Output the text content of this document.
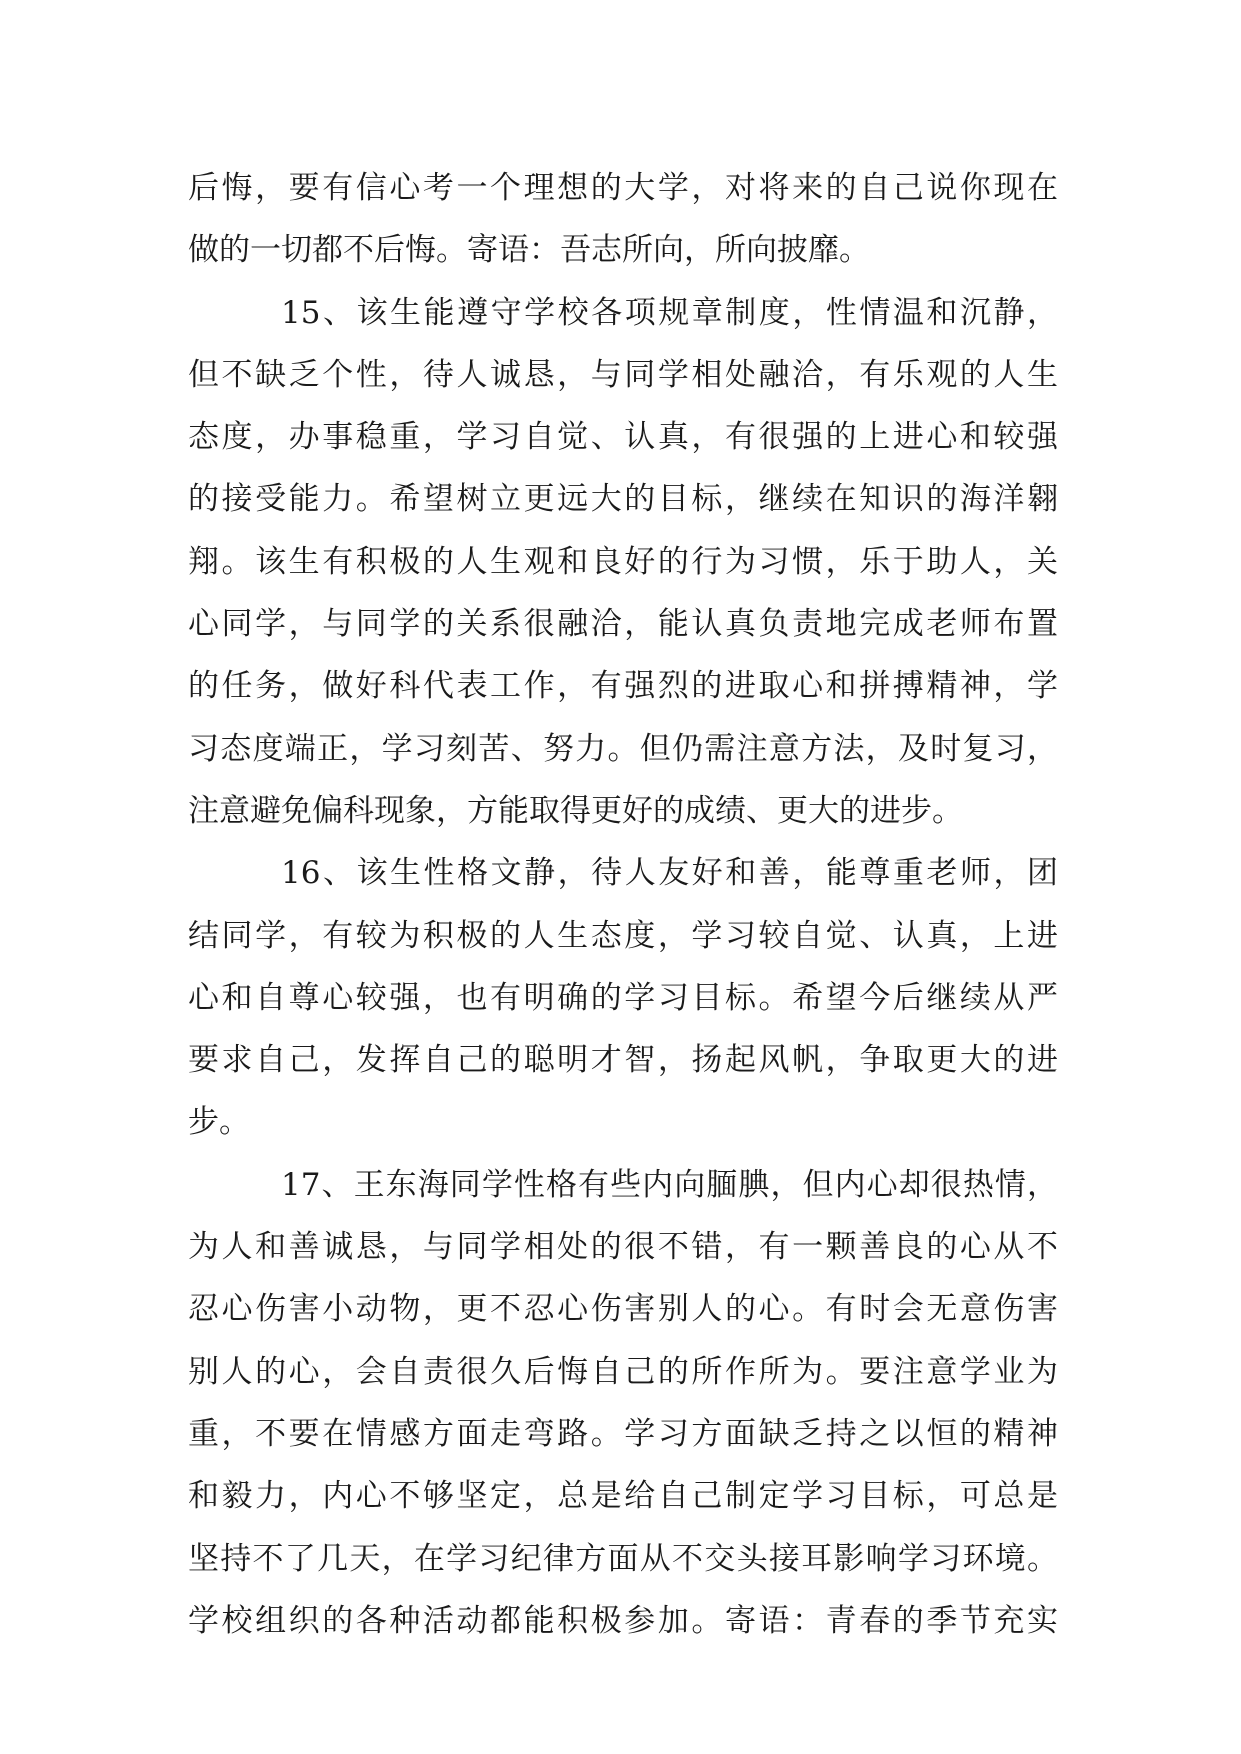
后悔，要有信心考一个理想的大学，对将来的自己说你现在
做的一切都不后悔。寄语：吾志所向，所向披靡。
15、该生能遵守学校各项规章制度，性情温和沉静，
但不缺乏个性，待人诚恳，与同学相处融洽，有乐观的人生
态度，办事稳重，学习自觉、认真，有很强的上进心和较强
的接受能力。希望树立更远大的目标，继续在知识的海洋翱
翔。该生有积极的人生观和良好的行为习惯，乐于助人，关
心同学，与同学的关系很融洽，能认真负责地完成老师布置
的任务，做好科代表工作，有强烈的进取心和拼搏精神，学
习态度端正，学习刻苦、努力。但仍需注意方法，及时复习，
注意避免偏科现象，方能取得更好的成绩、更大的进步。
16、该生性格文静，待人友好和善，能尊重老师，团
结同学，有较为积极的人生态度，学习较自觉、认真，上进
心和自尊心较强，也有明确的学习目标。希望今后继续从严
要求自己，发挥自己的聪明才智，扬起风帆，争取更大的进
步。
17、王东海同学性格有些内向腼腆，但内心却很热情，
为人和善诚恳，与同学相处的很不错，有一颗善良的心从不
忍心伤害小动物，更不忍心伤害别人的心。有时会无意伤害
别人的心，会自责很久后悔自己的所作所为。要注意学业为
重，不要在情感方面走弯路。学习方面缺乏持之以恒的精神
和毅力，内心不够坚定，总是给自己制定学习目标，可总是
坚持不了几天，在学习纪律方面从不交头接耳影响学习环境。
学校组织的各种活动都能积极参加。寄语：青春的季节充实
